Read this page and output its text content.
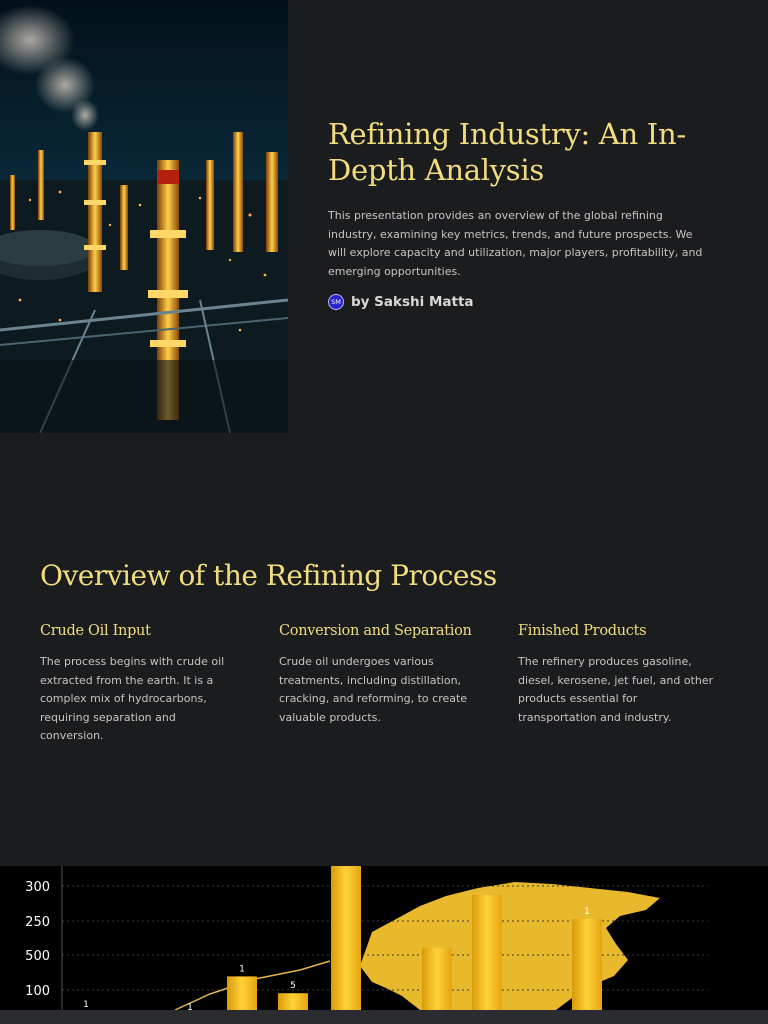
Refining Industry: An In-Depth Analysis

This presentation provides an overview of the global refining industry, examining key metrics, trends, and future prospects. We will explore capacity and utilization, major players, profitability, and emerging opportunities.

SM by Sakshi Matta
Overview of the Refining Process
Crude Oil Input

The process begins with crude oil extracted from the earth. It is a complex mix of hydrocarbons, requiring separation and conversion.

Conversion and Separation

Crude oil undergoes various treatments, including distillation, cracking, and reforming, to create valuable products.

Finished Products

The refinery produces gasoline, diesel, kerosene, jet fuel, and other products essential for transportation and industry.

300
250
500
100
1
5
1
1	1
